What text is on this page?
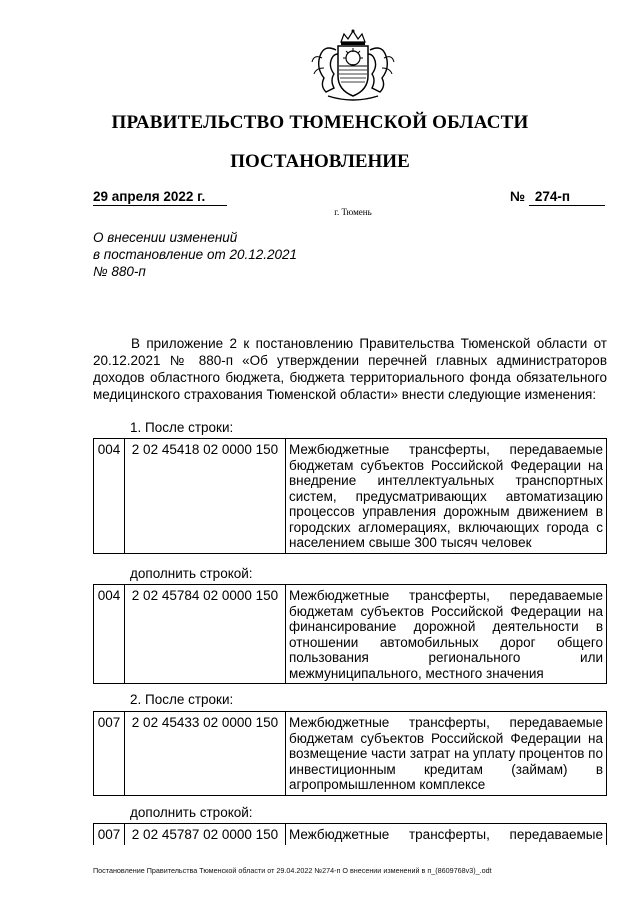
ПРАВИТЕЛЬСТВО ТЮМЕНСКОЙ ОБЛАСТИ
ПОСТАНОВЛЕНИЕ
29 апреля 2022 г.	№ 274-п
г. Тюмень
О внесении изменений
в постановление от 20.12.2021
№ 880-п

В приложение 2 к постановлению Правительства Тюменской области от 20.12.2021 № 880-п «Об утверждении перечней главных администраторов доходов областного бюджета, бюджета территориального фонда обязательного медицинского страхования Тюменской области» внести следующие изменения:

1. После строки:
004	2 02 45418 02 0000 150	Межбюджетные трансферты, передаваемые бюджетам субъектов Российской Федерации на внедрение интеллектуальных транспортных систем, предусматривающих автоматизацию процессов управления дорожным движением в городских агломерациях, включающих города с населением свыше 300 тысяч человек
дополнить строкой:
004	2 02 45784 02 0000 150	Межбюджетные трансферты, передаваемые бюджетам субъектов Российской Федерации на финансирование дорожной деятельности в отношении автомобильных дорог общего пользования регионального или межмуниципального, местного значения
2. После строки:
007	2 02 45433 02 0000 150	Межбюджетные трансферты, передаваемые бюджетам субъектов Российской Федерации на возмещение части затрат на уплату процентов по инвестиционным кредитам (займам) в агропромышленном комплексе
дополнить строкой:
007	2 02 45787 02 0000 150	Межбюджетные трансферты, передаваемые
Постановление Правительства Тюменской области от 29.04.2022 №274-п О внесении изменений в п_(8609768v3)_.odt
